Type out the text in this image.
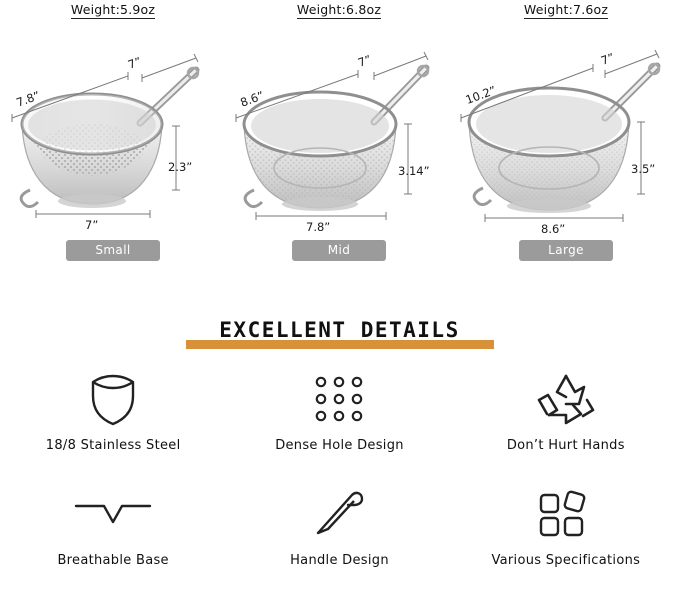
Weight:5.9oz
7.8”
7”
2.3”
7”
Small
Weight:6.8oz
8.6”
7”
3.14”
7.8”
Mid
Weight:7.6oz
10.2”
7”
3.5”
8.6”
Large
EXCELLENT DETAILS
18/8 Stainless Steel	Dense Hole Design	Don’t Hurt Hands
Breathable Base	Handle Design	Various Specifications
